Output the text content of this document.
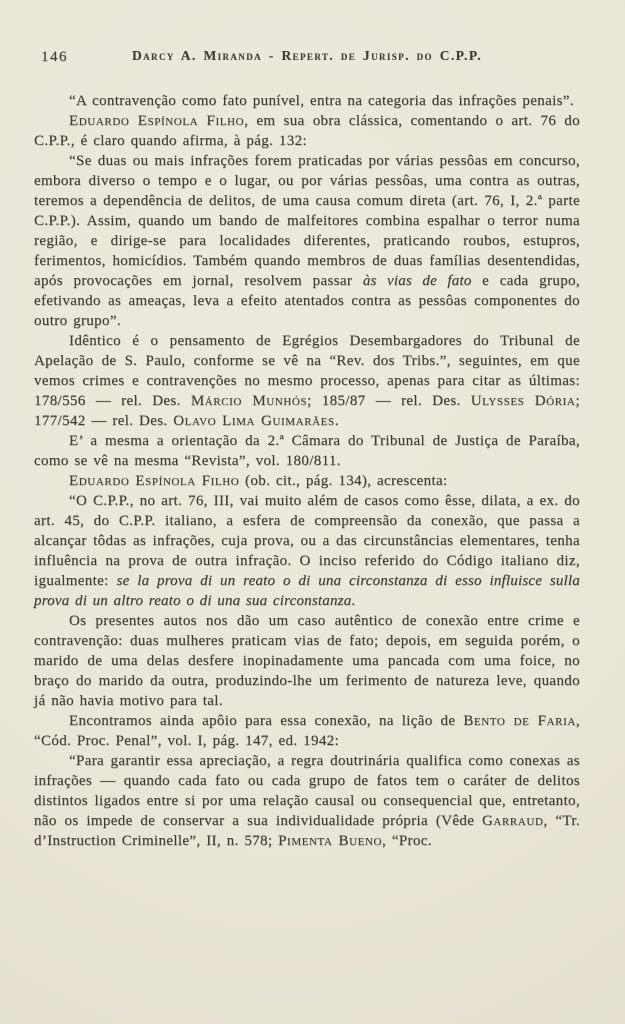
146	Darcy A. Miranda - Repert. de Jurisp. do C.P.P.

“A contravenção como fato punível, entra na categoria das infrações penais”.

Eduardo Espínola Filho, em sua obra clássica, comentando o art. 76 do C.P.P., é claro quando afirma, à pág. 132:

“Se duas ou mais infrações forem praticadas por várias pessôas em concurso, embora diverso o tempo e o lugar, ou por várias pessôas, uma contra as outras, teremos a dependência de delitos, de uma causa comum direta (art. 76, I, 2.ª parte C.P.P.). Assim, quando um bando de malfeitores combina espalhar o terror numa região, e dirige-se para localidades diferentes, praticando roubos, estupros, ferimentos, homicídios. Também quando membros de duas famílias desentendidas, após provocações em jornal, resolvem passar às vias de fato e cada grupo, efetivando as ameaças, leva a efeito atentados contra as pessôas componentes do outro grupo”.

Idêntico é o pensamento de Egrégios Desembargadores do Tribunal de Apelação de S. Paulo, conforme se vê na “Rev. dos Tribs.”, seguintes, em que vemos crimes e contravenções no mesmo processo, apenas para citar as últimas: 178/556 — rel. Des. Márcio Munhós; 185/87 — rel. Des. Ulysses Dória; 177/542 — rel. Des. Olavo Lima Guimarães.

E’ a mesma a orientação da 2.ª Câmara do Tribunal de Justiça de Paraíba, como se vê na mesma “Revista”, vol. 180/811.

Eduardo Espínola Filho (ob. cit., pág. 134), acrescenta:

“O C.P.P., no art. 76, III, vai muito além de casos como êsse, dilata, a ex. do art. 45, do C.P.P. italiano, a esfera de compreensão da conexão, que passa a alcançar tôdas as infrações, cuja prova, ou a das circunstâncias elementares, tenha influência na prova de outra infração. O inciso referido do Código italiano diz, igualmente: se la prova di un reato o di una circonstanza di esso influisce sulla prova di un altro reato o di una sua circonstanza.

Os presentes autos nos dão um caso autêntico de conexão entre crime e contravenção: duas mulheres praticam vias de fato; depois, em seguida porém, o marido de uma delas desfere inopinadamente uma pancada com uma foice, no braço do marido da outra, produzindo-lhe um ferimento de natureza leve, quando já não havia motivo para tal.

Encontramos ainda apôio para essa conexão, na lição de Bento de Faria, “Cód. Proc. Penal”, vol. I, pág. 147, ed. 1942:

“Para garantir essa apreciação, a regra doutrinária qualifica como conexas as infrações — quando cada fato ou cada grupo de fatos tem o caráter de delitos distintos ligados entre si por uma relação causal ou consequencial que, entretanto, não os impede de conservar a sua individualidade própria (Vêde Garraud, “Tr. d’Instruction Criminelle”, II, n. 578; Pimenta Bueno, “Proc.
